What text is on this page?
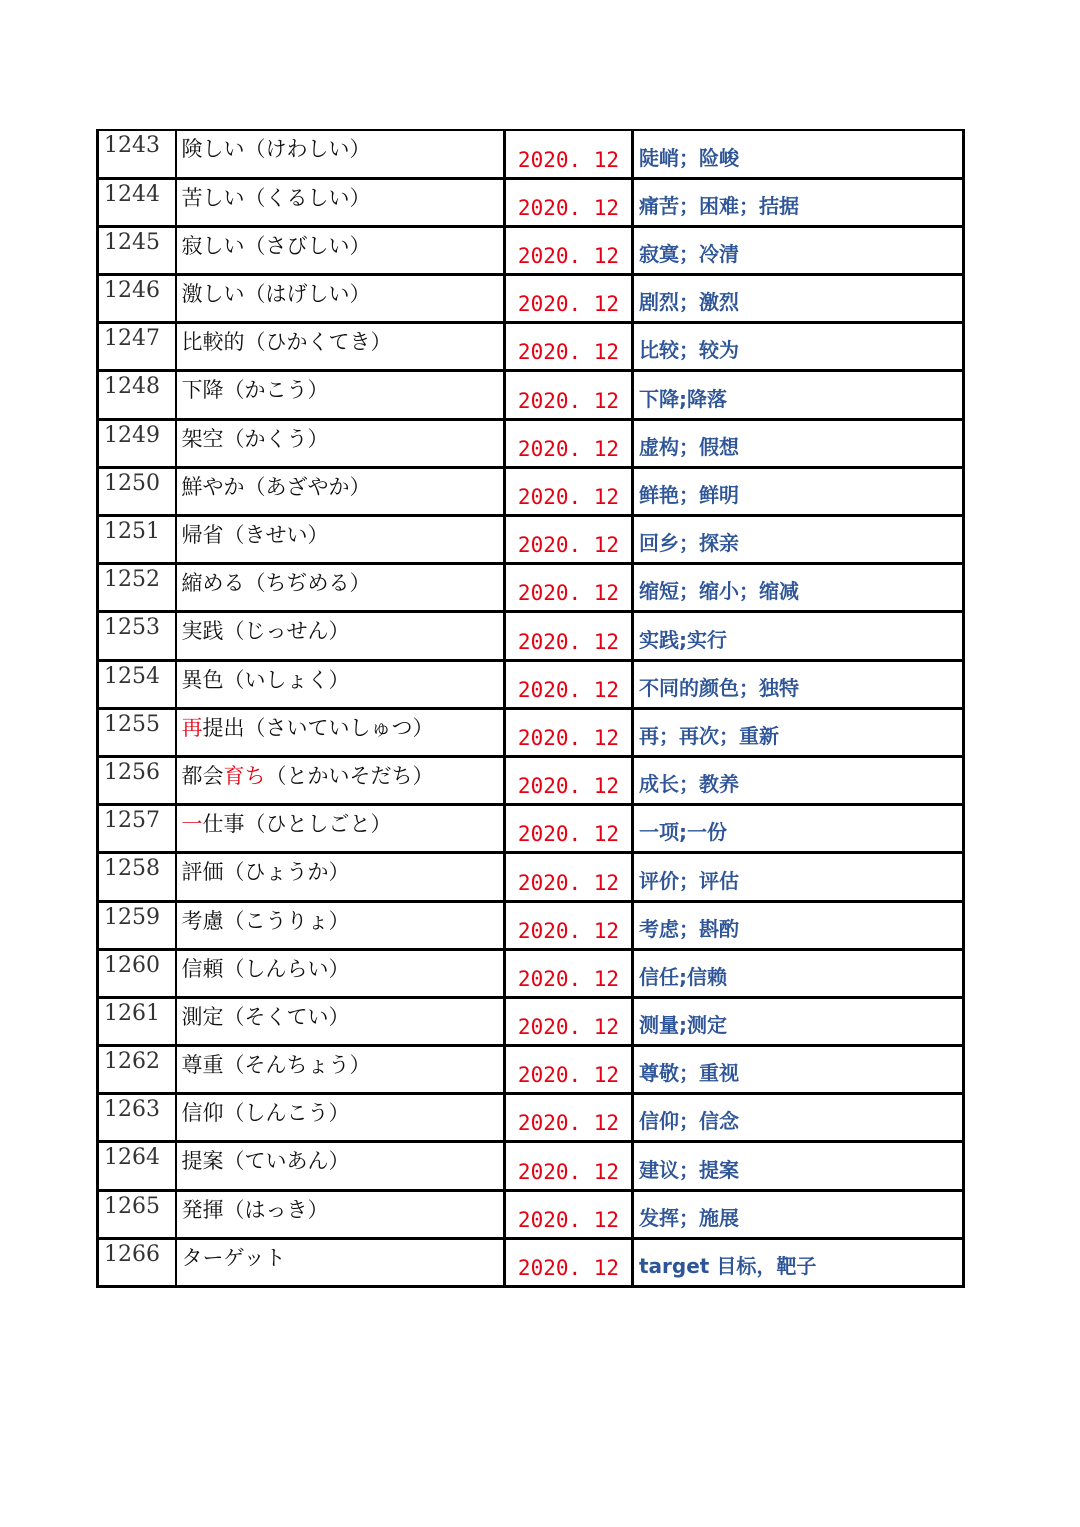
1243	険しい（けわしい）	2020. 12	陡峭；险峻
1244	苦しい（くるしい）	2020. 12	痛苦；困难；拮据
1245	寂しい（さびしい）	2020. 12	寂寞；冷清
1246	激しい（はげしい）	2020. 12	剧烈；激烈
1247	比較的（ひかくてき）	2020. 12	比较；较为
1248	下降（かこう）	2020. 12	下降;降落
1249	架空（かくう）	2020. 12	虚构；假想
1250	鮮やか（あざやか）	2020. 12	鲜艳；鲜明
1251	帰省（きせい）	2020. 12	回乡；探亲
1252	縮める（ちぢめる）	2020. 12	缩短；缩小；缩减
1253	実践（じっせん）	2020. 12	实践;实行
1254	異色（いしょく）	2020. 12	不同的颜色；独特
1255	再提出（さいていしゅつ）	2020. 12	再；再次；重新
1256	都会育ち（とかいそだち）	2020. 12	成长；教养
1257	一仕事（ひとしごと）	2020. 12	一项;一份
1258	評価（ひょうか）	2020. 12	评价；评估
1259	考慮（こうりょ）	2020. 12	考虑；斟酌
1260	信頼（しんらい）	2020. 12	信任;信赖
1261	測定（そくてい）	2020. 12	测量;测定
1262	尊重（そんちょう）	2020. 12	尊敬；重视
1263	信仰（しんこう）	2020. 12	信仰；信念
1264	提案（ていあん）	2020. 12	建议；提案
1265	発揮（はっき）	2020. 12	发挥；施展
1266	ターゲット	2020. 12	target 目标，靶子
